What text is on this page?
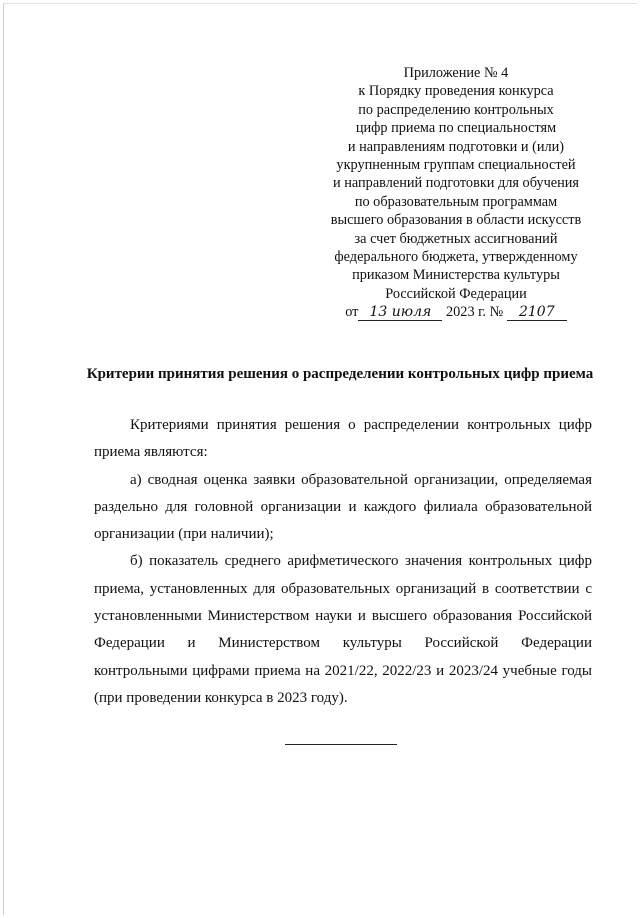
Приложение № 4
к Порядку проведения конкурса
по распределению контрольных
цифр приема по специальностям
и направлениям подготовки и (или)
укрупненным группам специальностей
и направлений подготовки для обучения
по образовательным программам
высшего образования в области искусств
за счет бюджетных ассигнований
федерального бюджета, утвержденному
приказом Министерства культуры
Российской Федерации
от 13 июля 2023 г. № 2107
Критерии принятия решения о распределении контрольных цифр приема

Критериями принятия решения о распределении контрольных цифр приема являются:

а) сводная оценка заявки образовательной организации, определяемая раздельно для головной организации и каждого филиала образовательной организации (при наличии);

б) показатель среднего арифметического значения контрольных цифр приема, установленных для образовательных организаций в соответствии с установленными Министерством науки и высшего образования Российской Федерации и Министерством культуры Российской Федерации контрольными цифрами приема на 2021/22, 2022/23 и 2023/24 учебные годы (при проведении конкурса в 2023 году).
